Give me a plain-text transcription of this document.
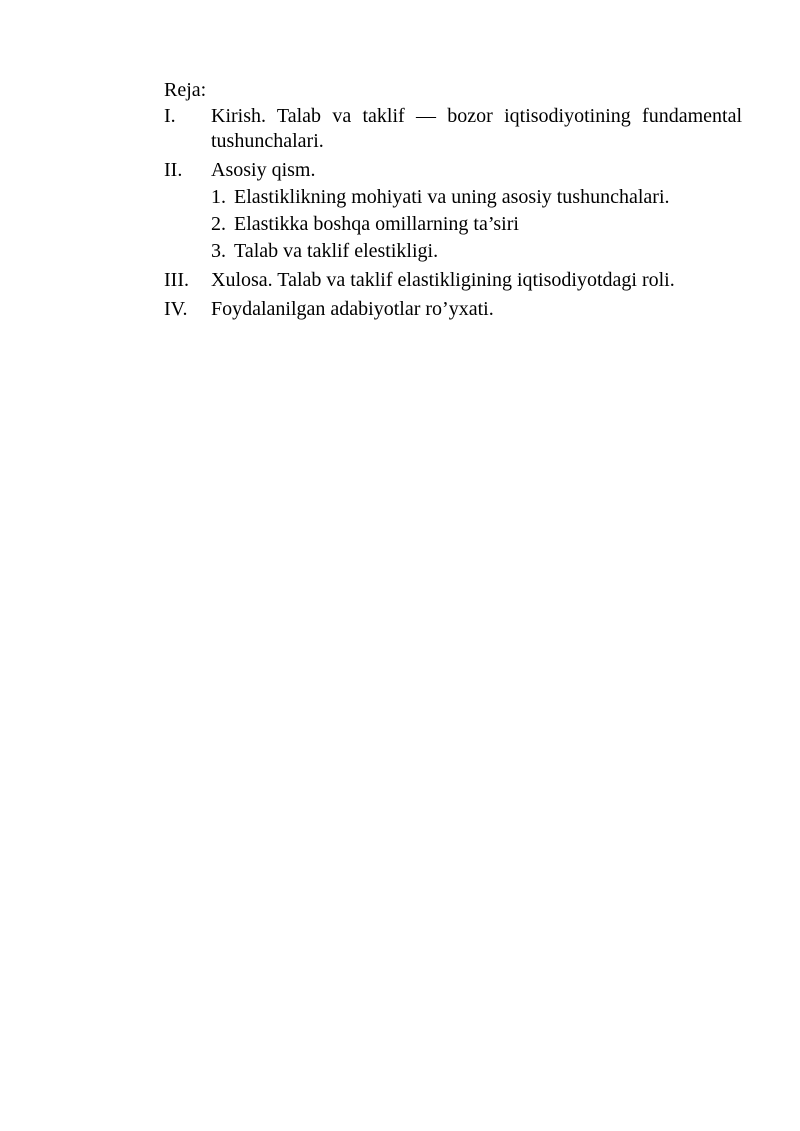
Reja:
I.	Kirish. Talab va taklif — bozor iqtisodiyotining fundamental tushunchalari.
II.	Asosiy qism.
1. Elastiklikning mohiyati va uning asosiy tushunchalari.
2. Elastikka boshqa omillarning ta’siri
3. Talab va taklif elestikligi.
III.	Xulosa. Talab va taklif elastikligining iqtisodiyotdagi roli.
IV.	Foydalanilgan adabiyotlar ro’yxati.
